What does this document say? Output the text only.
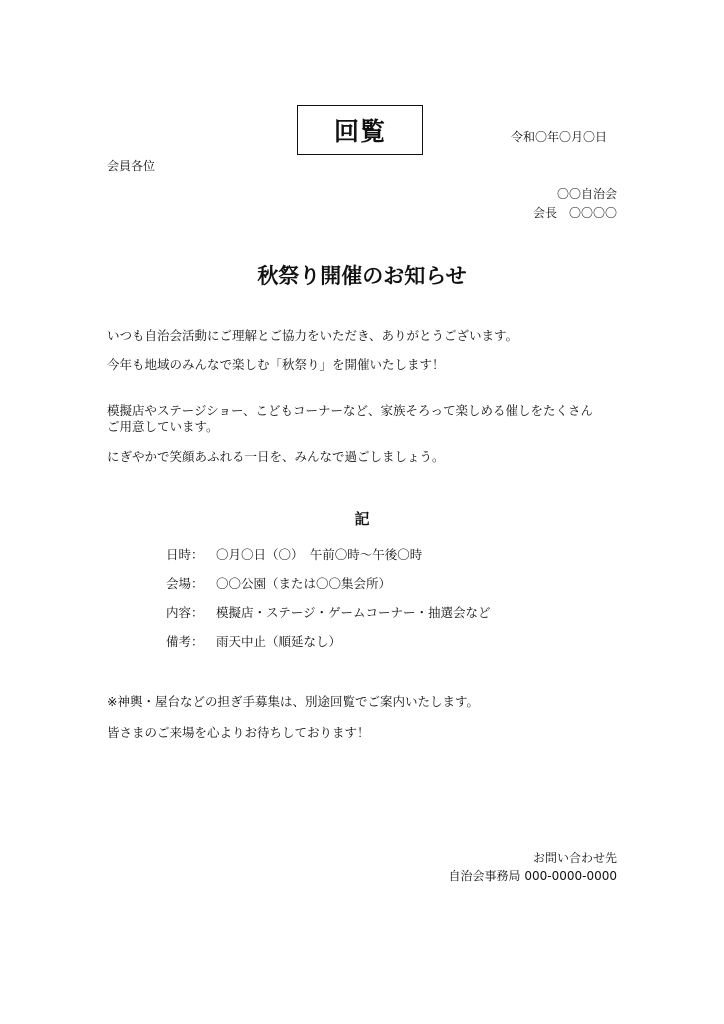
回覧	令和〇年〇月〇日

会員各位

〇〇自治会

会長　〇〇〇〇

秋祭り開催のお知らせ

いつも自治会活動にご理解とご協力をいただき、ありがとうございます。

今年も地域のみんなで楽しむ「秋祭り」を開催いたします！

模擬店やステージショー、こどもコーナーなど、家族そろって楽しめる催しをたくさん

ご用意しています。

にぎやかで笑顔あふれる一日を、みんなで過ごしましょう。

記

日時： 〇月〇日（〇）　午前〇時～午後〇時
会場： 〇〇公園（または〇〇集会所）
内容： 模擬店・ステージ・ゲームコーナー・抽選会など
備考： 雨天中止（順延なし）

※神輿・屋台などの担ぎ手募集は、別途回覧でご案内いたします。

皆さまのご来場を心よりお待ちしております！

お問い合わせ先

自治会事務局 000-0000-0000
